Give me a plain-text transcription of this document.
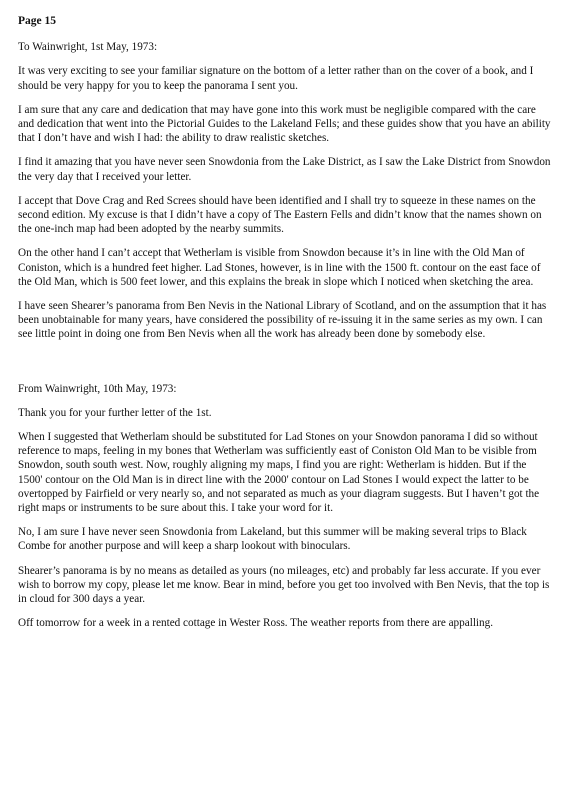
Page 15

To Wainwright, 1st May, 1973:

It was very exciting to see your familiar signature on the bottom of a letter rather than on the cover of a book, and I should be very happy for you to keep the panorama I sent you.

I am sure that any care and dedication that may have gone into this work must be negligible compared with the care and dedication that went into the Pictorial Guides to the Lakeland Fells; and these guides show that you have an ability that I don’t have and wish I had: the ability to draw realistic sketches.

I find it amazing that you have never seen Snowdonia from the Lake District, as I saw the Lake District from Snowdon the very day that I received your letter.

I accept that Dove Crag and Red Screes should have been identified and I shall try to squeeze in these names on the second edition. My excuse is that I didn’t have a copy of The Eastern Fells and didn’t know that the names shown on the one-inch map had been adopted by the nearby summits.

On the other hand I can’t accept that Wetherlam is visible from Snowdon because it’s in line with the Old Man of Coniston, which is a hundred feet higher. Lad Stones, however, is in line with the 1500 ft. contour on the east face of the Old Man, which is 500 feet lower, and this explains the break in slope which I noticed when sketching the area.

I have seen Shearer’s panorama from Ben Nevis in the National Library of Scotland, and on the assumption that it has been unobtainable for many years, have considered the possibility of re-issuing it in the same series as my own. I can see little point in doing one from Ben Nevis when all the work has already been done by somebody else.

From Wainwright, 10th May, 1973:

Thank you for your further letter of the 1st.

When I suggested that Wetherlam should be substituted for Lad Stones on your Snowdon panorama I did so without reference to maps, feeling in my bones that Wetherlam was sufficiently east of Coniston Old Man to be visible from Snowdon, south south west. Now, roughly aligning my maps, I find you are right: Wetherlam is hidden. But if the 1500' contour on the Old Man is in direct line with the 2000' contour on Lad Stones I would expect the latter to be overtopped by Fairfield or very nearly so, and not separated as much as your diagram suggests. But I haven’t got the right maps or instruments to be sure about this. I take your word for it.

No, I am sure I have never seen Snowdonia from Lakeland, but this summer will be making several trips to Black Combe for another purpose and will keep a sharp lookout with binoculars.

Shearer’s panorama is by no means as detailed as yours (no mileages, etc) and probably far less accurate. If you ever wish to borrow my copy, please let me know. Bear in mind, before you get too involved with Ben Nevis, that the top is in cloud for 300 days a year.

Off tomorrow for a week in a rented cottage in Wester Ross. The weather reports from there are appalling.
